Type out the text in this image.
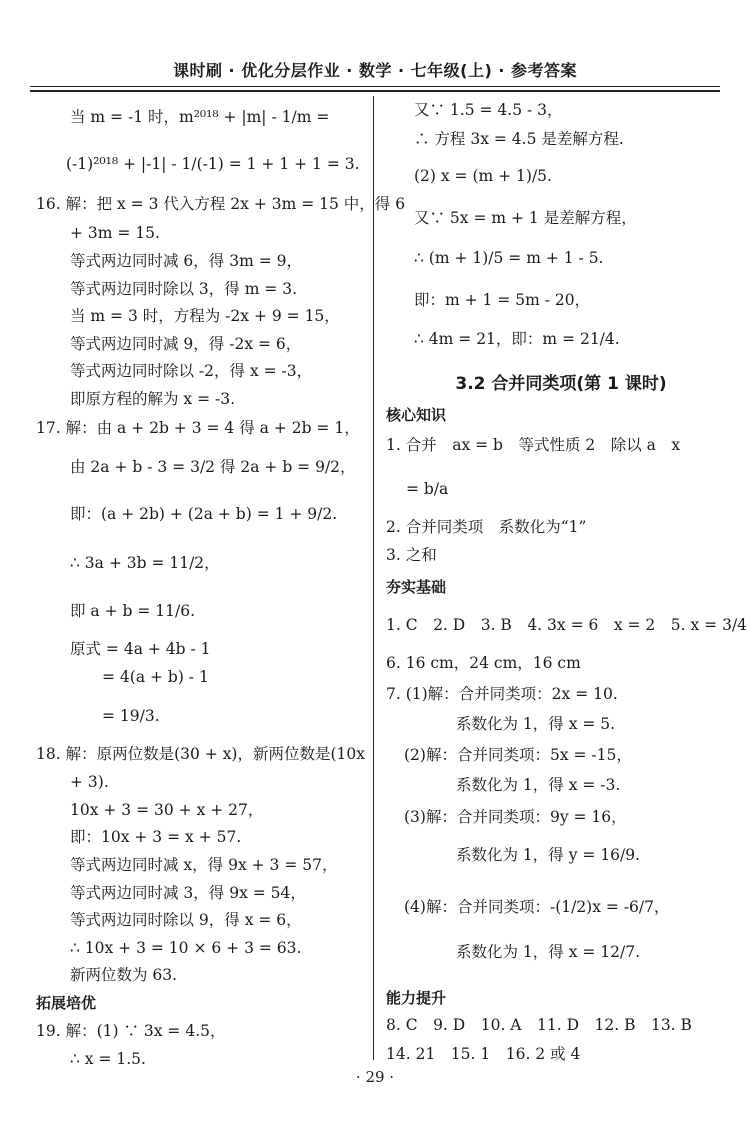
课时刷 · 优化分层作业 · 数学 · 七年级(上) · 参考答案
当 m = -1 时，m²⁰¹⁸ + |m| - 1/m =
(-1)²⁰¹⁸ + |-1| - 1/(-1) = 1 + 1 + 1 = 3.
16. 解：把 x = 3 代入方程 2x + 3m = 15 中，得 6
+ 3m = 15.
等式两边同时减 6，得 3m = 9，
等式两边同时除以 3，得 m = 3.
当 m = 3 时，方程为 -2x + 9 = 15，
等式两边同时减 9，得 -2x = 6，
等式两边同时除以 -2，得 x = -3，
即原方程的解为 x = -3.
17. 解：由 a + 2b + 3 = 4 得 a + 2b = 1，
由 2a + b - 3 = 3/2 得 2a + b = 9/2，
即：(a + 2b) + (2a + b) = 1 + 9/2.
∴ 3a + 3b = 11/2，
即 a + b = 11/6.
原式 = 4a + 4b - 1
= 4(a + b) - 1
= 19/3.
18. 解：原两位数是(30 + x)，新两位数是(10x
+ 3).
10x + 3 = 30 + x + 27，
即：10x + 3 = x + 57.
等式两边同时减 x，得 9x + 3 = 57，
等式两边同时减 3，得 9x = 54，
等式两边同时除以 9，得 x = 6，
∴ 10x + 3 = 10 × 6 + 3 = 63.
新两位数为 63.
拓展培优
19. 解：(1) ∵ 3x = 4.5，
∴ x = 1.5.
又∵ 1.5 = 4.5 - 3，
∴ 方程 3x = 4.5 是差解方程.
(2) x = (m + 1)/5.
又∵ 5x = m + 1 是差解方程，
∴ (m + 1)/5 = m + 1 - 5.
即：m + 1 = 5m - 20，
∴ 4m = 21，即：m = 21/4.
3.2 合并同类项(第 1 课时)
核心知识
1. 合并　ax = b　等式性质 2　除以 a　x
= b/a
2. 合并同类项　系数化为“1”
3. 之和
夯实基础
1. C　2. D　3. B　4. 3x = 6　x = 2　5. x = 3/4
6. 16 cm，24 cm，16 cm
7. (1)解：合并同类项：2x = 10.
系数化为 1，得 x = 5.
(2)解：合并同类项：5x = -15，
系数化为 1，得 x = -3.
(3)解：合并同类项：9y = 16，
系数化为 1，得 y = 16/9.
(4)解：合并同类项：-(1/2)x = -6/7，
系数化为 1，得 x = 12/7.
能力提升
8. C　9. D　10. A　11. D　12. B　13. B
14. 21　15. 1　16. 2 或 4
· 29 ·
